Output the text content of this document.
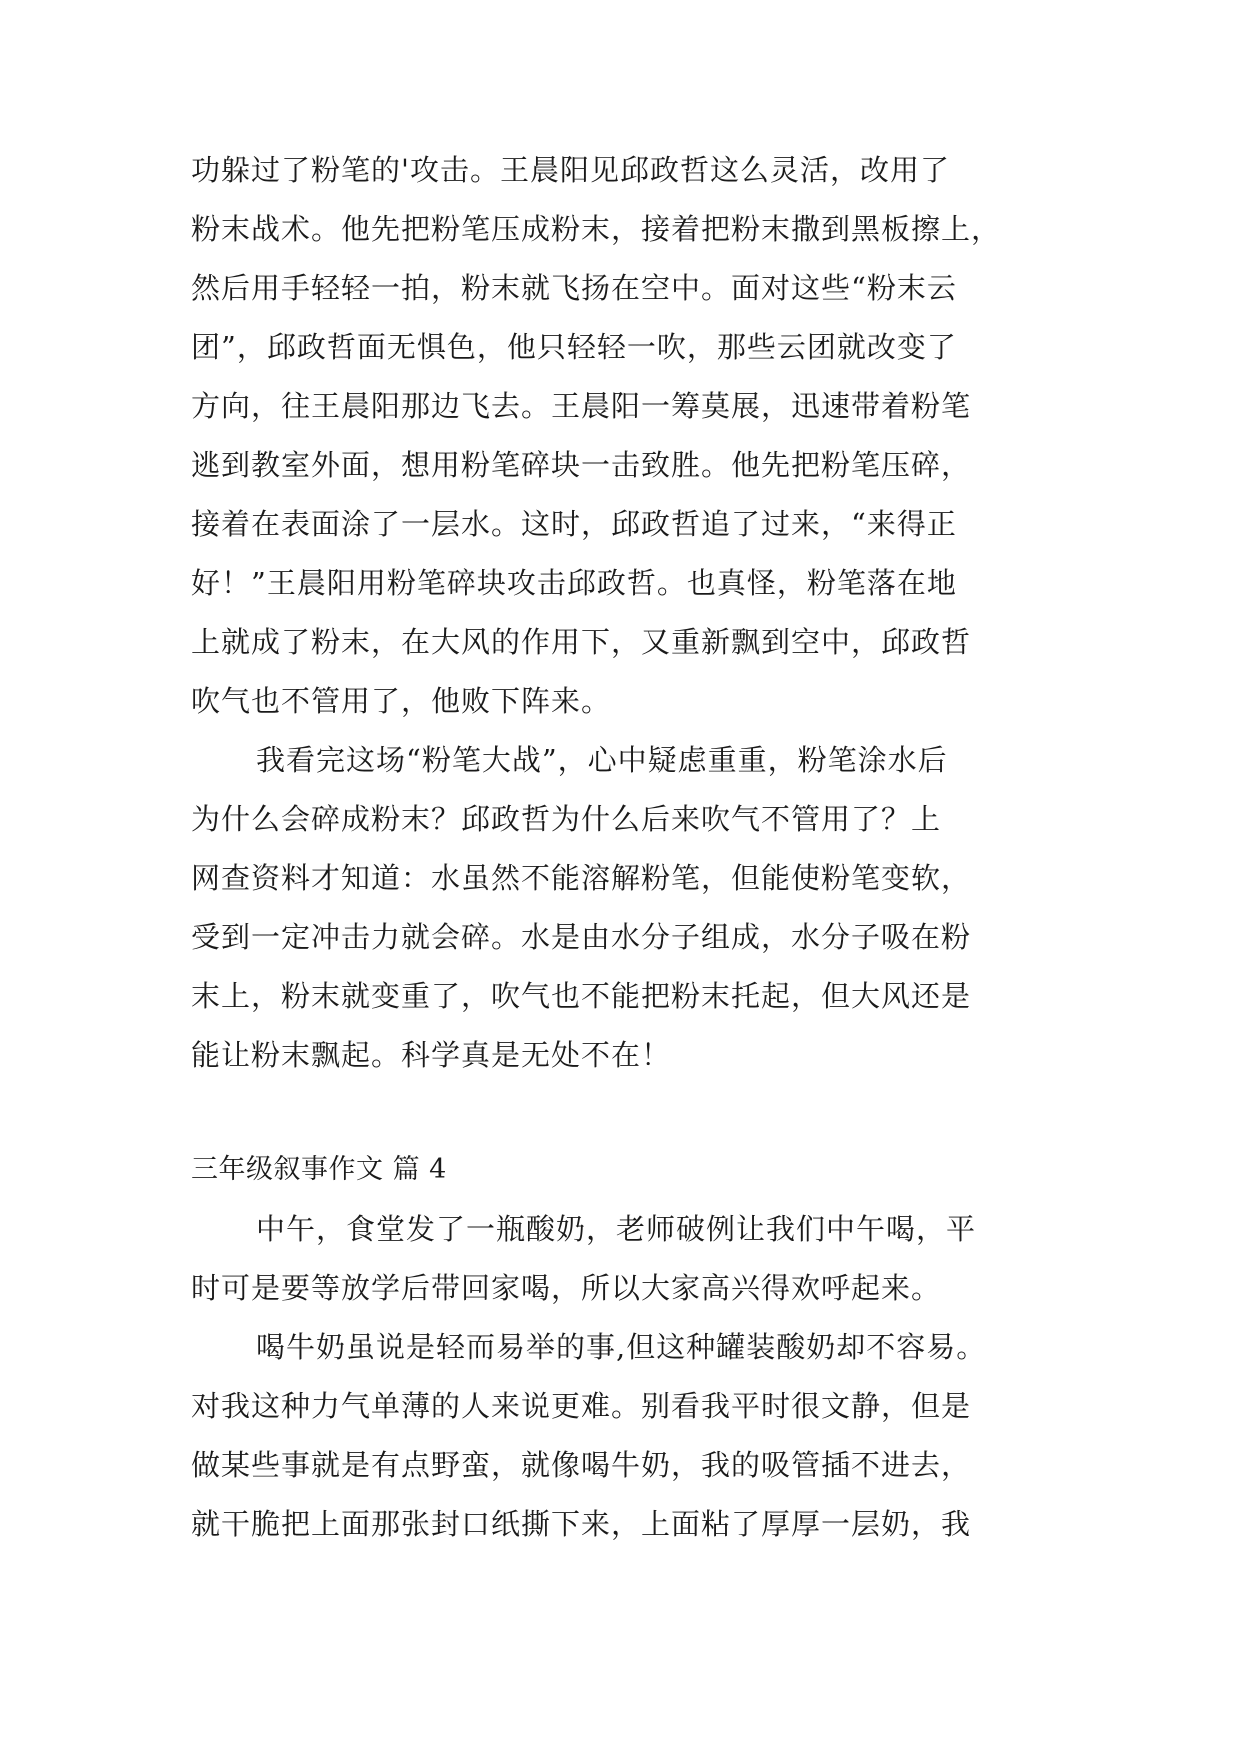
功躲过了粉笔的'攻击。王晨阳见邱政哲这么灵活，改用了
粉末战术。他先把粉笔压成粉末，接着把粉末撒到黑板擦上，
然后用手轻轻一拍，粉末就飞扬在空中。面对这些“粉末云
团”，邱政哲面无惧色，他只轻轻一吹，那些云团就改变了
方向，往王晨阳那边飞去。王晨阳一筹莫展，迅速带着粉笔
逃到教室外面，想用粉笔碎块一击致胜。他先把粉笔压碎，
接着在表面涂了一层水。这时，邱政哲追了过来，“来得正
好！”王晨阳用粉笔碎块攻击邱政哲。也真怪，粉笔落在地
上就成了粉末，在大风的作用下，又重新飘到空中，邱政哲
吹气也不管用了，他败下阵来。
我看完这场“粉笔大战”，心中疑虑重重，粉笔涂水后
为什么会碎成粉末？邱政哲为什么后来吹气不管用了？上
网查资料才知道：水虽然不能溶解粉笔，但能使粉笔变软，
受到一定冲击力就会碎。水是由水分子组成，水分子吸在粉
末上，粉末就变重了，吹气也不能把粉末托起，但大风还是
能让粉末飘起。科学真是无处不在！
三年级叙事作文 篇 4
中午，食堂发了一瓶酸奶，老师破例让我们中午喝，平
时可是要等放学后带回家喝，所以大家高兴得欢呼起来。
喝牛奶虽说是轻而易举的事,但这种罐装酸奶却不容易。
对我这种力气单薄的人来说更难。别看我平时很文静，但是
做某些事就是有点野蛮，就像喝牛奶，我的吸管插不进去，
就干脆把上面那张封口纸撕下来，上面粘了厚厚一层奶，我
